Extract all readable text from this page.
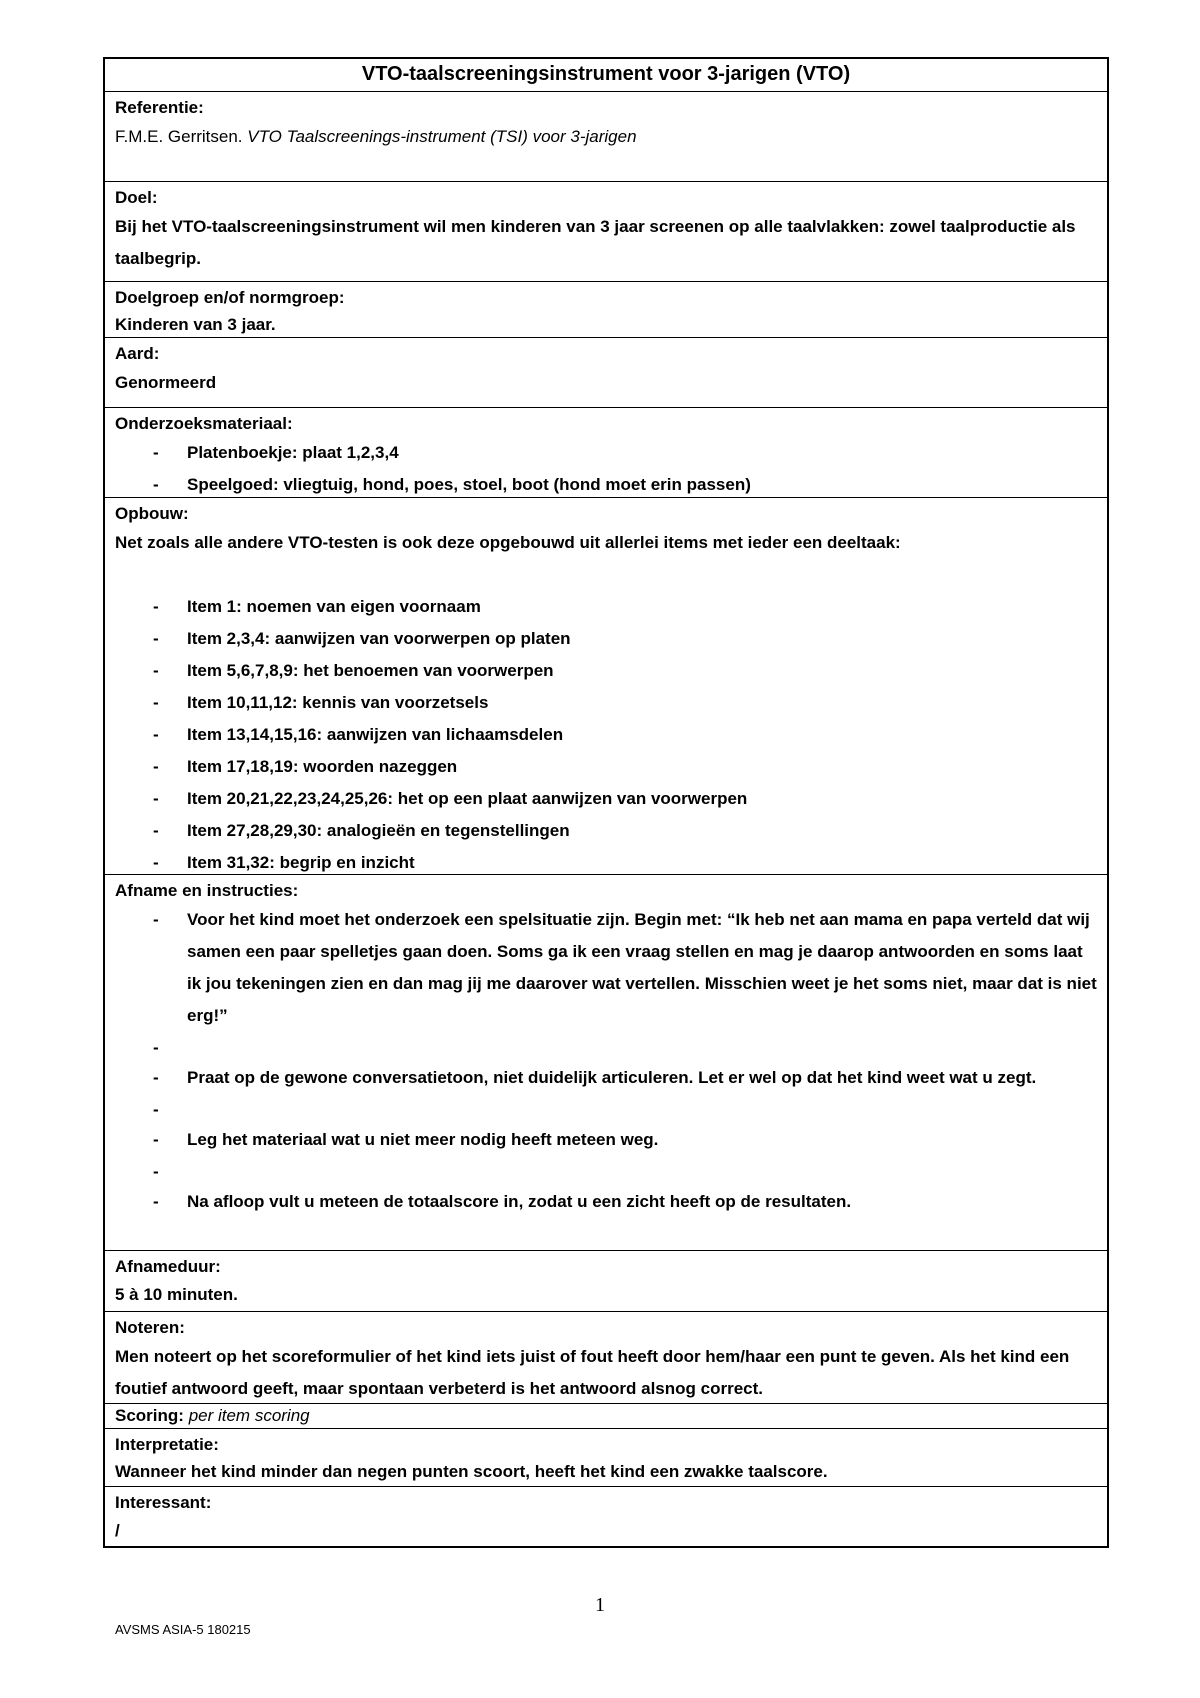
VTO-taalscreeningsinstrument voor 3-jarigen (VTO)
Referentie:

F.M.E. Gerritsen. VTO Taalscreenings-instrument (TSI) voor 3-jarigen

Doel:

Bij het VTO-taalscreeningsinstrument wil men kinderen van 3 jaar screenen op alle taalvlakken: zowel taalproductie als taalbegrip.

Doelgroep en/of normgroep:

Kinderen van 3 jaar.

Aard:

Genormeerd

Onderzoeksmateriaal:
- Platenboekje: plaat 1,2,3,4
- Speelgoed: vliegtuig, hond, poes, stoel, boot (hond moet erin passen)
Opbouw:

Net zoals alle andere VTO-testen is ook deze opgebouwd uit allerlei items met ieder een deeltaak:

- Item 1: noemen van eigen voornaam
- Item 2,3,4: aanwijzen van voorwerpen op platen
- Item 5,6,7,8,9: het benoemen van voorwerpen
- Item 10,11,12: kennis van voorzetsels
- Item 13,14,15,16: aanwijzen van lichaamsdelen
- Item 17,18,19: woorden nazeggen
- Item 20,21,22,23,24,25,26: het op een plaat aanwijzen van voorwerpen
- Item 27,28,29,30: analogieën en tegenstellingen
- Item 31,32: begrip en inzicht
Afname en instructies:
- Voor het kind moet het onderzoek een spelsituatie zijn. Begin met: “Ik heb net aan mama en papa verteld dat wij samen een paar spelletjes gaan doen. Soms ga ik een vraag stellen en mag je daarop antwoorden en soms laat ik jou tekeningen zien en dan mag jij me daarover wat vertellen. Misschien weet je het soms niet, maar dat is niet erg!”
-
- Praat op de gewone conversatietoon, niet duidelijk articuleren. Let er wel op dat het kind weet wat u zegt.
-
- Leg het materiaal wat u niet meer nodig heeft meteen weg.
-
- Na afloop vult u meteen de totaalscore in, zodat u een zicht heeft op de resultaten.
Afnameduur:

5 à 10 minuten.

Noteren:

Men noteert op het scoreformulier of het kind iets juist of fout heeft door hem/haar een punt te geven. Als het kind een foutief antwoord geeft, maar spontaan verbeterd is het antwoord alsnog correct.

Scoring: per item scoring
Interpretatie:

Wanneer het kind minder dan negen punten scoort, heeft het kind een zwakke taalscore.

Interessant:

/

1
AVSMS ASIA-5 180215
